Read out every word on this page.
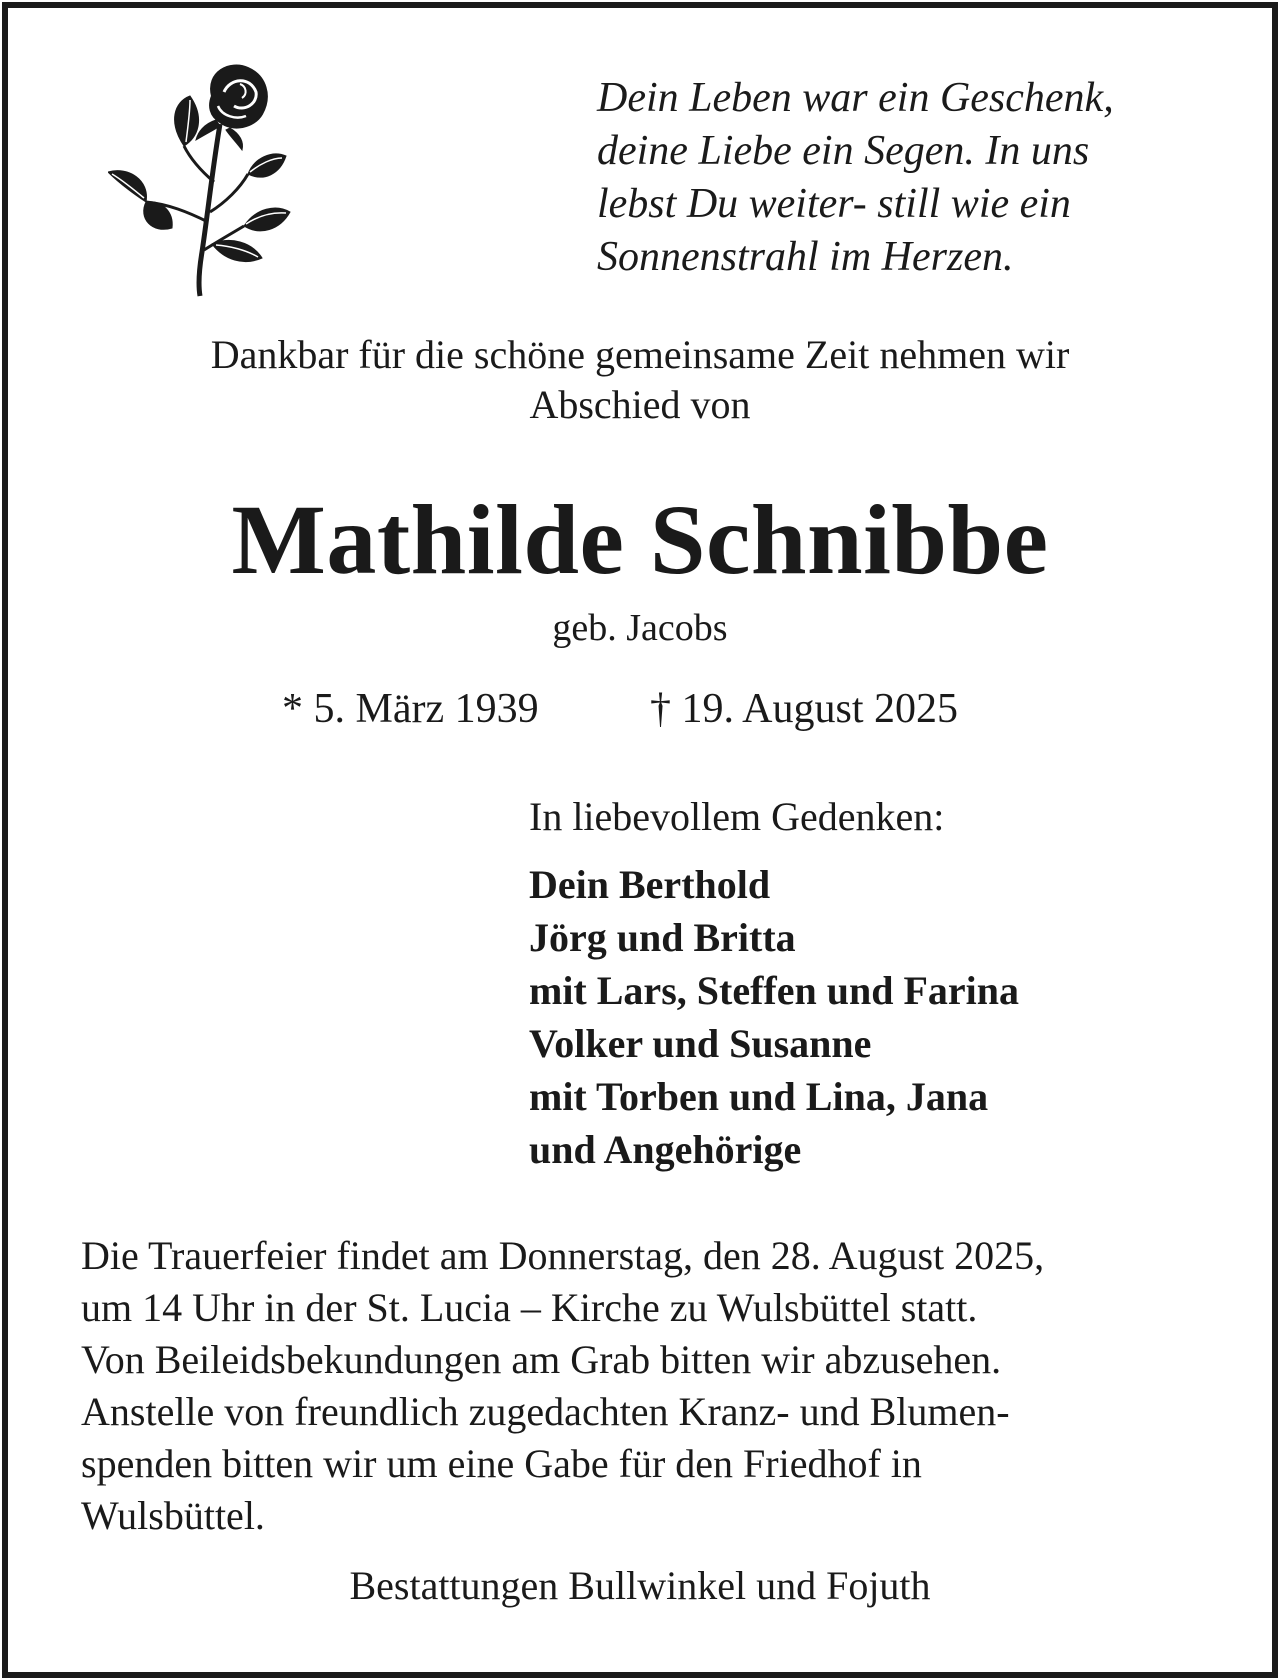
Dein Leben war ein Geschenk,
deine Liebe ein Segen. In uns
lebst Du weiter- still wie ein
Sonnenstrahl im Herzen.
Dankbar für die schöne gemeinsame Zeit nehmen wir
Abschied von
Mathilde Schnibbe
geb. Jacobs
* 5. März 1939	† 19. August 2025
In liebevollem Gedenken:
Dein Berthold
Jörg und Britta
mit Lars, Steffen und Farina
Volker und Susanne
mit Torben und Lina, Jana
und Angehörige
Die Trauerfeier findet am Donnerstag, den 28. August 2025,
um 14 Uhr in der St. Lucia – Kirche zu Wulsbüttel statt.
Von Beileidsbekundungen am Grab bitten wir abzusehen.
Anstelle von freundlich zugedachten Kranz- und Blumen-
spenden bitten wir um eine Gabe für den Friedhof in
Wulsbüttel.
Bestattungen Bullwinkel und Fojuth
